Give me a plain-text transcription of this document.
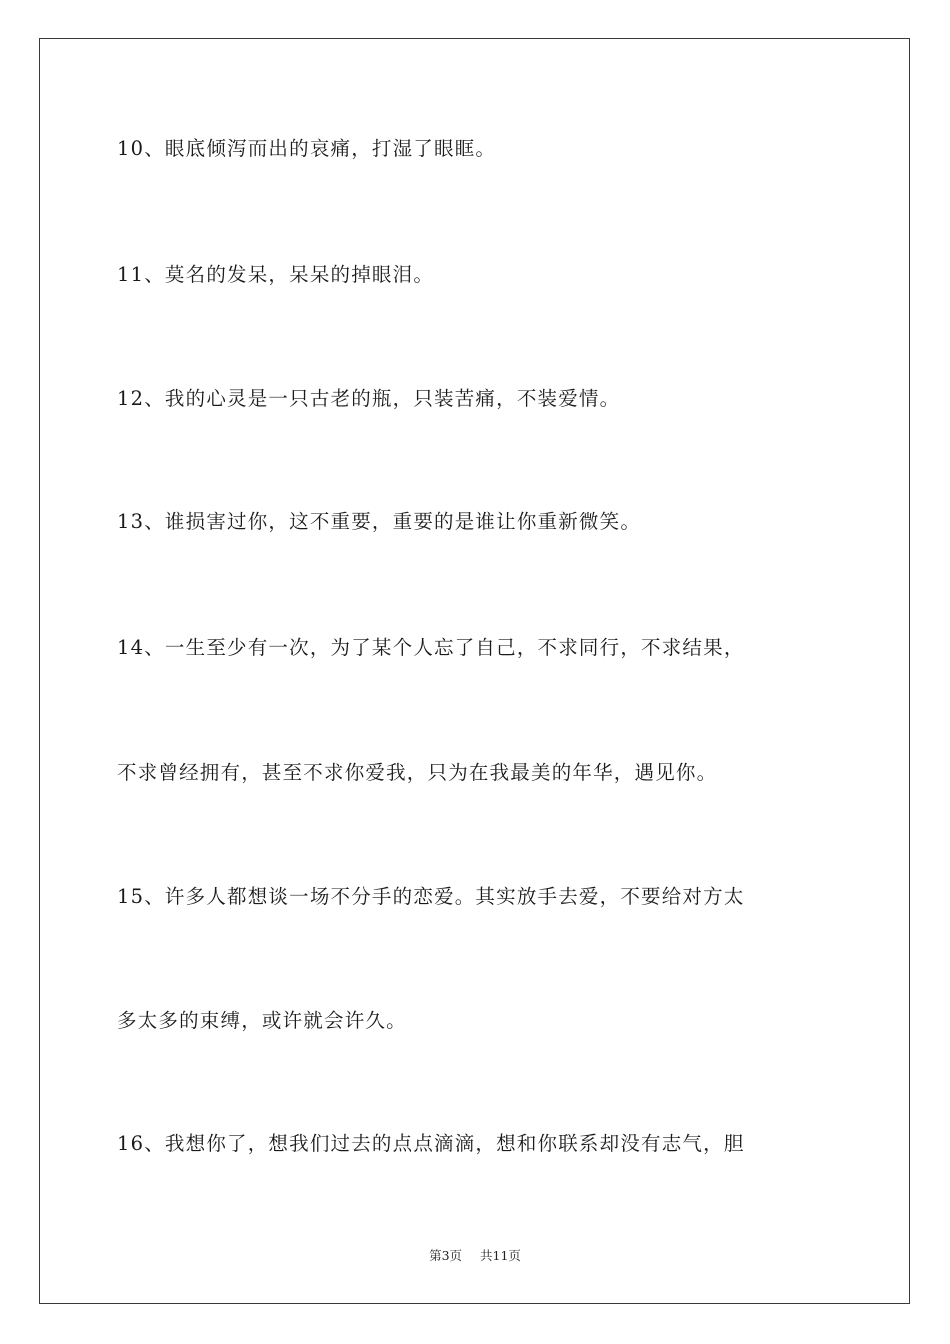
10、眼底倾泻而出的哀痛，打湿了眼眶。
11、莫名的发呆，呆呆的掉眼泪。
12、我的心灵是一只古老的瓶，只装苦痛，不装爱情。
13、谁损害过你，这不重要，重要的是谁让你重新微笑。
14、一生至少有一次，为了某个人忘了自己，不求同行，不求结果，
不求曾经拥有，甚至不求你爱我，只为在我最美的年华，遇见你。
15、许多人都想谈一场不分手的恋爱。其实放手去爱，不要给对方太
多太多的束缚，或许就会许久。
16、我想你了，想我们过去的点点滴滴，想和你联系却没有志气，胆
第3页 共11页
